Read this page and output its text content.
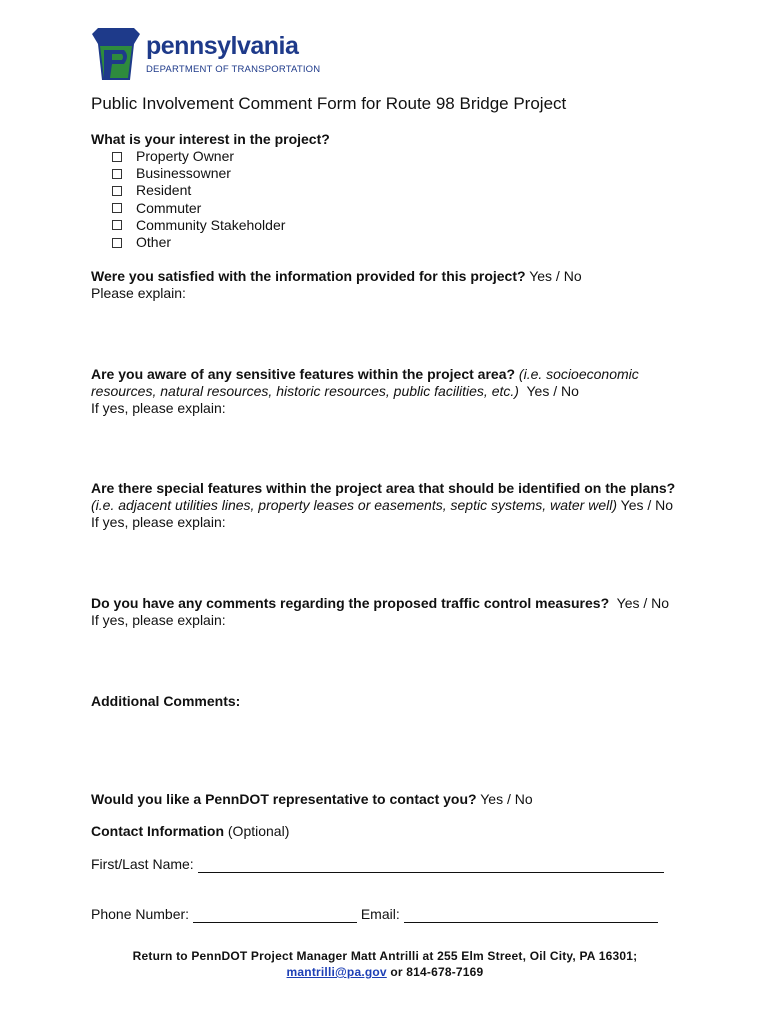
pennsylvania
DEPARTMENT OF TRANSPORTATION
Public Involvement Comment Form for Route 98 Bridge Project
What is your interest in the project?
Property Owner
Businessowner
Resident
Commuter
Community Stakeholder
Other
Were you satisfied with the information provided for this project? Yes / No
Please explain:
Are you aware of any sensitive features within the project area? (i.e. socioeconomic
resources, natural resources, historic resources, public facilities, etc.) Yes / No
If yes, please explain:
Are there special features within the project area that should be identified on the plans?
(i.e. adjacent utilities lines, property leases or easements, septic systems, water well) Yes / No
If yes, please explain:
Do you have any comments regarding the proposed traffic control measures? Yes / No
If yes, please explain:
Additional Comments:
Would you like a PennDOT representative to contact you? Yes / No
Contact Information (Optional)
First/Last Name:
Phone Number:	Email:
Return to PennDOT Project Manager Matt Antrilli at 255 Elm Street, Oil City, PA 16301;
mantrilli@pa.gov or 814-678-7169
